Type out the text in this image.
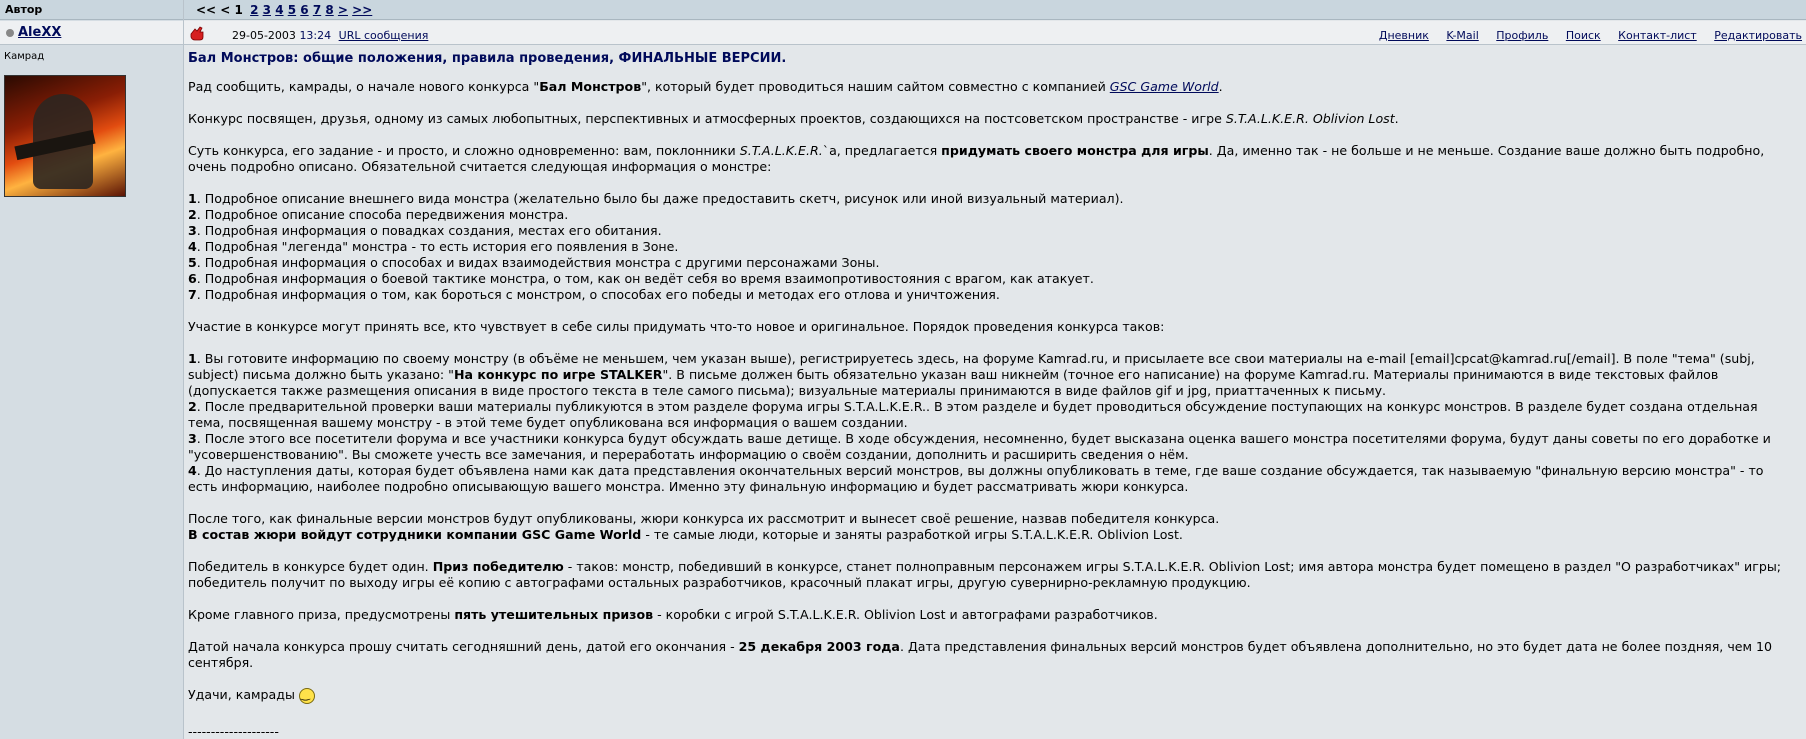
Автор	<< < 1 2 3 4 5 6 7 8 > >>
AleXX	29-05-2003 13:24 URL сообщения	Дневник K-Mail Профиль Поиск Контакт-лист Редактировать
Камрад	Бал Монстров: общие положения, правила проведения, ФИНАЛЬНЫЕ ВЕРСИИ.

Рад сообщить, камрады, о начале нового конкурса "Бал Монстров", который будет проводиться нашим сайтом совместно с компанией GSC Game World.

Конкурс посвящен, друзья, одному из самых любопытных, перспективных и атмосферных проектов, создающихся на постсоветском пространстве - игре S.T.A.L.K.E.R. Oblivion Lost.

Суть конкурса, его задание - и просто, и сложно одновременно: вам, поклонники S.T.A.L.K.E.R.`а, предлагается придумать своего монстра для игры. Да, именно так - не больше и не меньше. Создание ваше должно быть подробно, очень подробно описано. Обязательной считается следующая информация о монстре:

1. Подробное описание внешнего вида монстра (желательно было бы даже предоставить скетч, рисунок или иной визуальный материал).
2. Подробное описание способа передвижения монстра.
3. Подробная информация о повадках создания, местах его обитания.
4. Подробная "легенда" монстра - то есть история его появления в Зоне.
5. Подробная информация о способах и видах взаимодействия монстра с другими персонажами Зоны.
6. Подробная информация о боевой тактике монстра, о том, как он ведёт себя во время взаимопротивостояния с врагом, как атакует.
7. Подробная информация о том, как бороться с монстром, о способах его победы и методах его отлова и уничтожения.

Участие в конкурсе могут принять все, кто чувствует в себе силы придумать что-то новое и оригинальное. Порядок проведения конкурса таков:

1. Вы готовите информацию по своему монстру (в объёме не меньшем, чем указан выше), регистрируетесь здесь, на форуме Kamrad.ru, и присылаете все свои материалы на e-mail [email]cpcat@kamrad.ru[/email]. В поле "тема" (subj, subject) письма должно быть указано: "На конкурс по игре STALKER". В письме должен быть обязательно указан ваш никнейм (точное его написание) на форуме Kamrad.ru. Материалы принимаются в виде текстовых файлов (допускается также размещения описания в виде простого текста в теле самого письма); визуальные материалы принимаются в виде файлов gif и jpg, приаттаченных к письму.
2. После предварительной проверки ваши материалы публикуются в этом разделе форума игры S.T.A.L.K.E.R.. В этом разделе и будет проводиться обсуждение поступающих на конкурс монстров. В разделе будет создана отдельная тема, посвященная вашему монстру - в этой теме будет опубликована вся информация о вашем создании.
3. После этого все посетители форума и все участники конкурса будут обсуждать ваше детище. В ходе обсуждения, несомненно, будет высказана оценка вашего монстра посетителями форума, будут даны советы по его доработке и "усовершенствованию". Вы сможете учесть все замечания, и переработать информацию о своём создании, дополнить и расширить сведения о нём.
4. До наступления даты, которая будет объявлена нами как дата представления окончательных версий монстров, вы должны опубликовать в теме, где ваше создание обсуждается, так называемую "финальную версию монстра" - то есть информацию, наиболее подробно описывающую вашего монстра. Именно эту финальную информацию и будет рассматривать жюри конкурса.

После того, как финальные версии монстров будут опубликованы, жюри конкурса их рассмотрит и вынесет своё решение, назвав победителя конкурса.
В состав жюри войдут сотрудники компании GSC Game World - те самые люди, которые и заняты разработкой игры S.T.A.L.K.E.R. Oblivion Lost.

Победитель в конкурсе будет один. Приз победителю - таков: монстр, победивший в конкурсе, станет полноправным персонажем игры S.T.A.L.K.E.R. Oblivion Lost; имя автора монстра будет помещено в раздел "О разработчиках" игры; победитель получит по выходу игры её копию с автографами остальных разработчиков, красочный плакат игры, другую сувернирно-рекламную продукцию.

Кроме главного приза, предусмотрены пять утешительных призов - коробки с игрой S.T.A.L.K.E.R. Oblivion Lost и автографами разработчиков.

Датой начала конкурса прошу считать сегодняшний день, датой его окончания - 25 декабря 2003 года. Дата представления финальных версий монстров будет объявлена дополнительно, но это будет дата не более поздняя, чем 10 сентября.

Удачи, камрады ‿

--------------------
